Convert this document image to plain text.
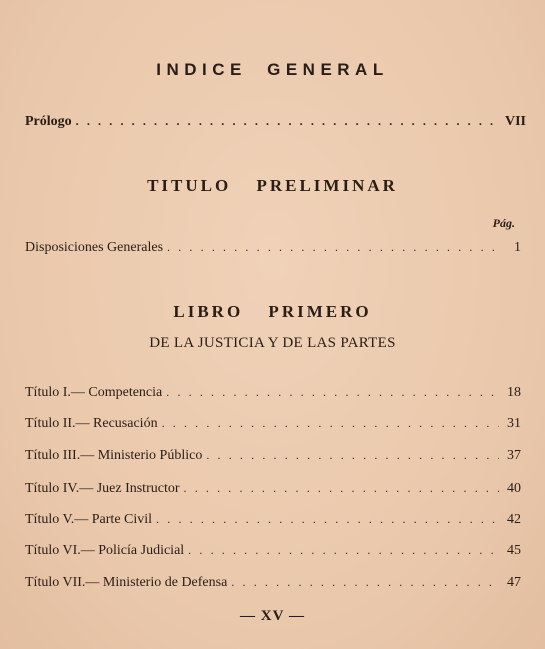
INDICE GENERAL
Prólogo . . .	VII
TITULO PRELIMINAR
Pág.
Disposiciones Generales . . .	1
LIBRO PRIMERO
DE LA JUSTICIA Y DE LAS PARTES
Título I.— Competencia . . .	18
Título II.— Recusación . . .	31
Título III.— Ministerio Público . . .	37
Título IV.— Juez Instructor . . .	40
Título V.— Parte Civil . . .	42
Título VI.— Policía Judicial . . .	45
Título VII.— Ministerio de Defensa . . .	47
— XV —
